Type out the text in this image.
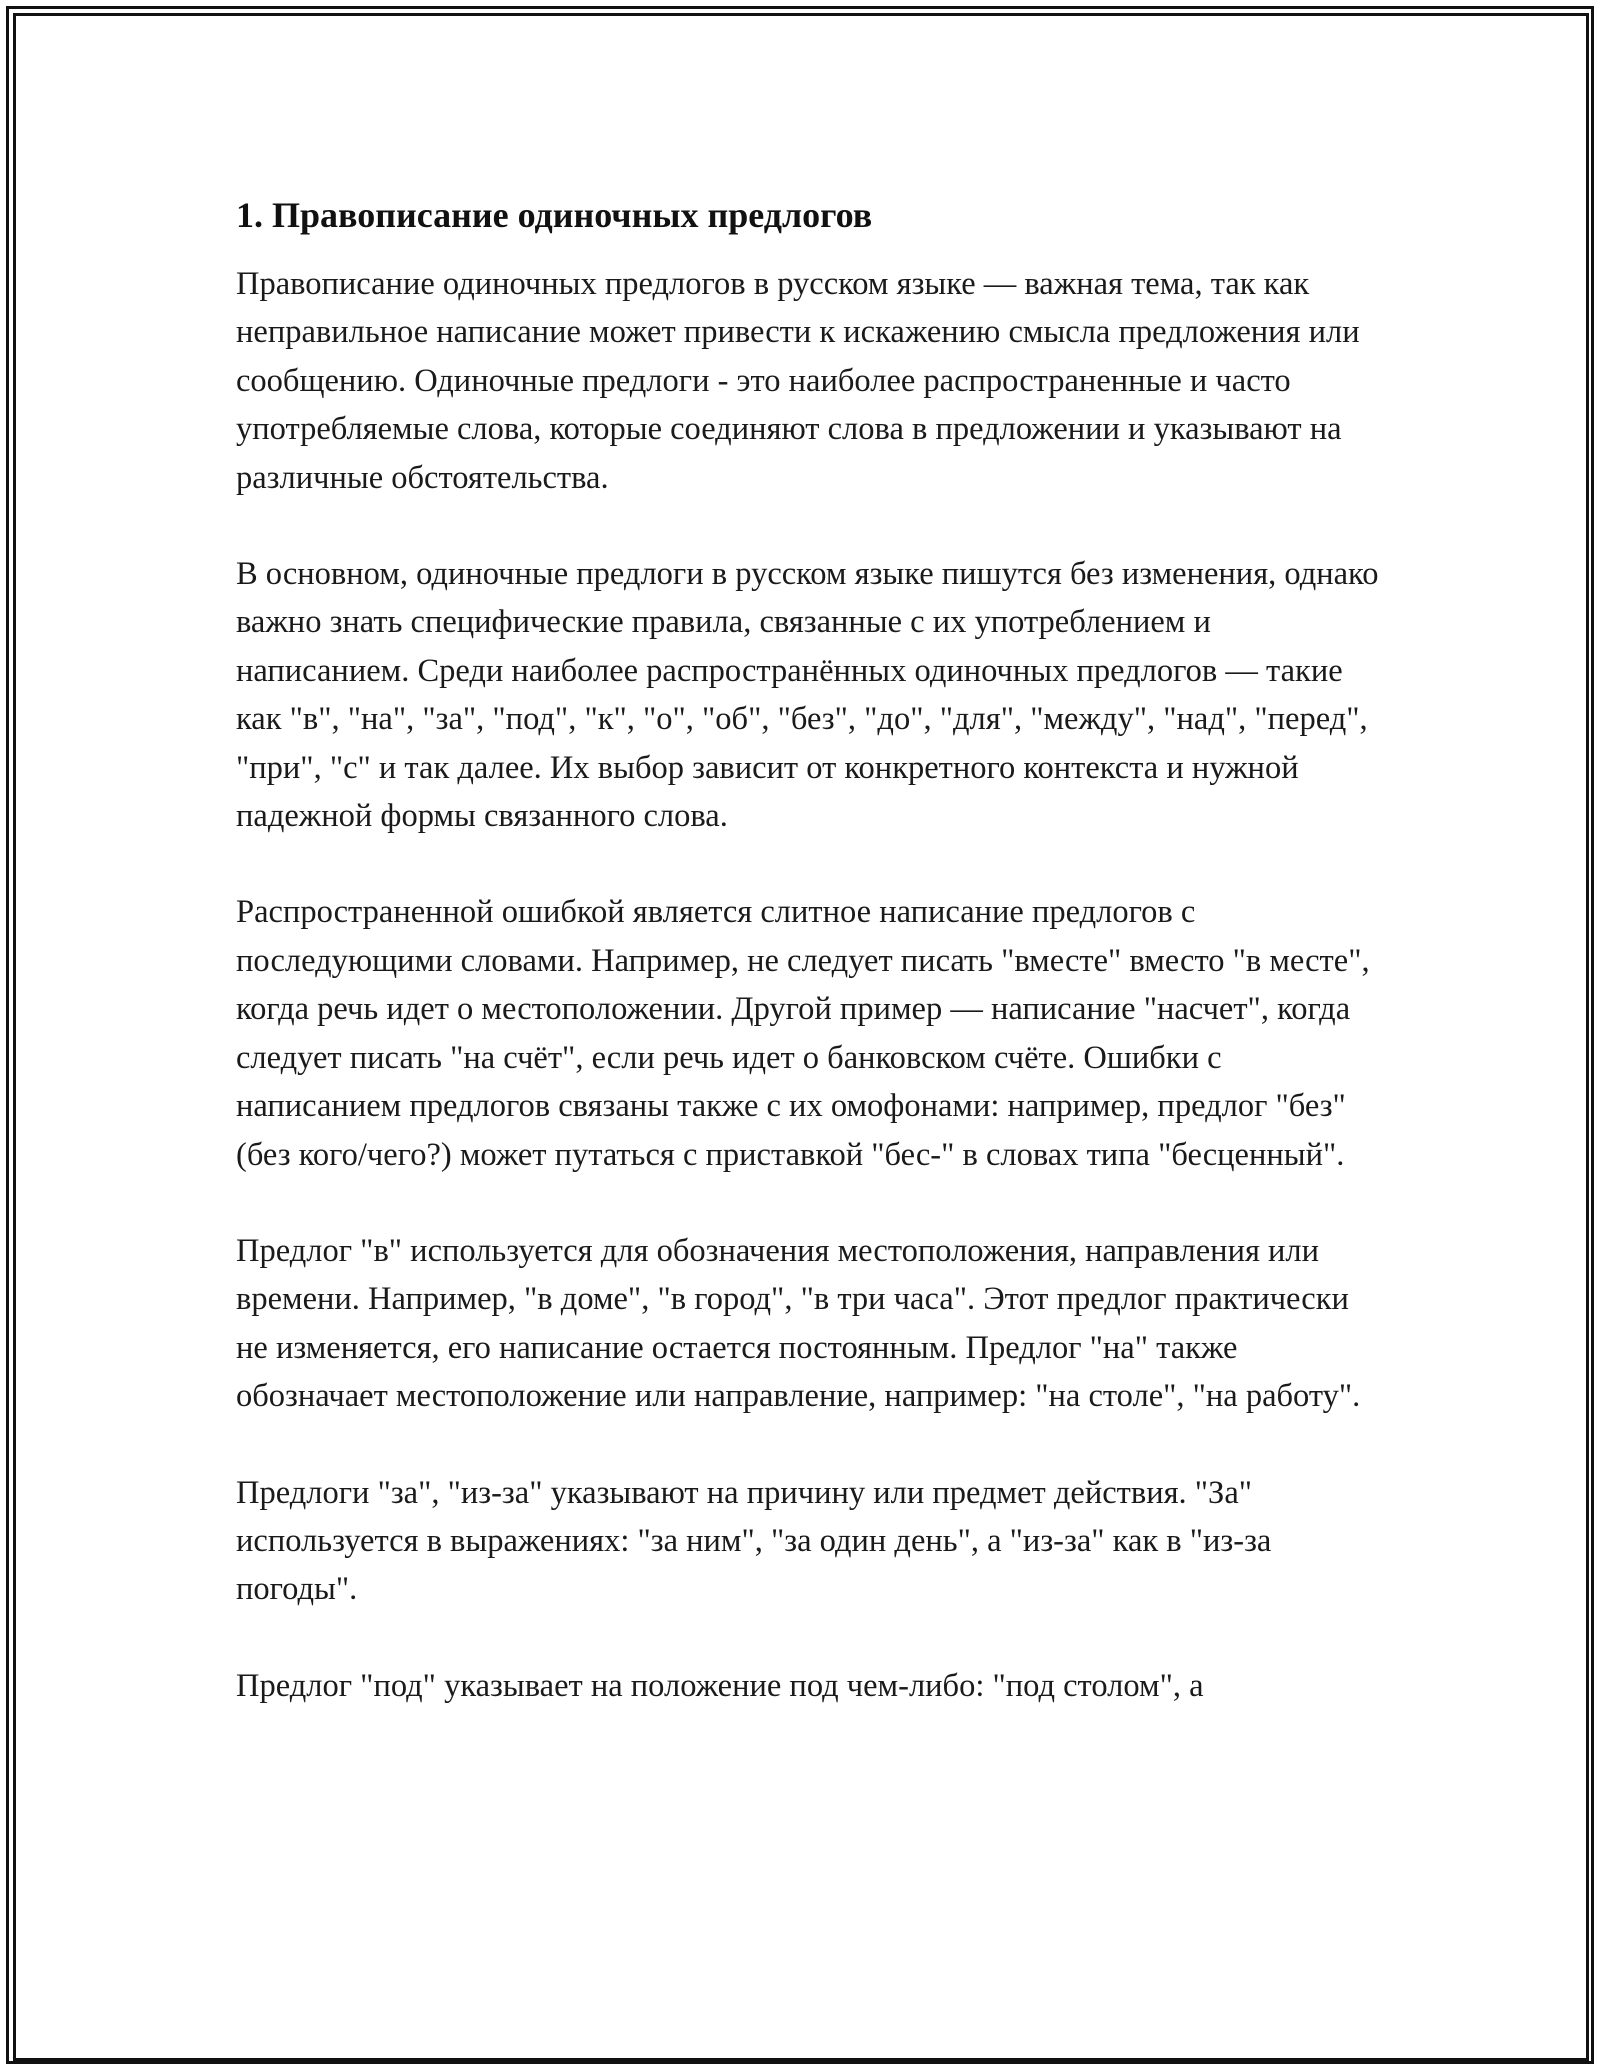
1. Правописание одиночных предлогов

Правописание одиночных предлогов в русском языке — важная тема, так как неправильное написание может привести к искажению смысла предложения или сообщению. Одиночные предлоги - это наиболее распространенные и часто употребляемые слова, которые соединяют слова в предложении и указывают на различные обстоятельства.

В основном, одиночные предлоги в русском языке пишутся без изменения, однако важно знать специфические правила, связанные с их употреблением и написанием. Среди наиболее распространённых одиночных предлогов — такие как "в", "на", "за", "под", "к", "о", "об", "без", "до", "для", "между", "над", "перед", "при", "с" и так далее. Их выбор зависит от конкретного контекста и нужной падежной формы связанного слова.

Распространенной ошибкой является слитное написание предлогов с последующими словами. Например, не следует писать "вместе" вместо "в месте", когда речь идет о местоположении. Другой пример — написание "насчет", когда следует писать "на счёт", если речь идет о банковском счёте. Ошибки с написанием предлогов связаны также с их омофонами: например, предлог "без" (без кого/чего?) может путаться с приставкой "бес-" в словах типа "бесценный".

Предлог "в" используется для обозначения местоположения, направления или времени. Например, "в доме", "в город", "в три часа". Этот предлог практически не изменяется, его написание остается постоянным. Предлог "на" также обозначает местоположение или направление, например: "на столе", "на работу".

Предлоги "за", "из-за" указывают на причину или предмет действия. "За" используется в выражениях: "за ним", "за один день", а "из-за" как в "из-за погоды".

Предлог "под" указывает на положение под чем-либо: "под столом", а
